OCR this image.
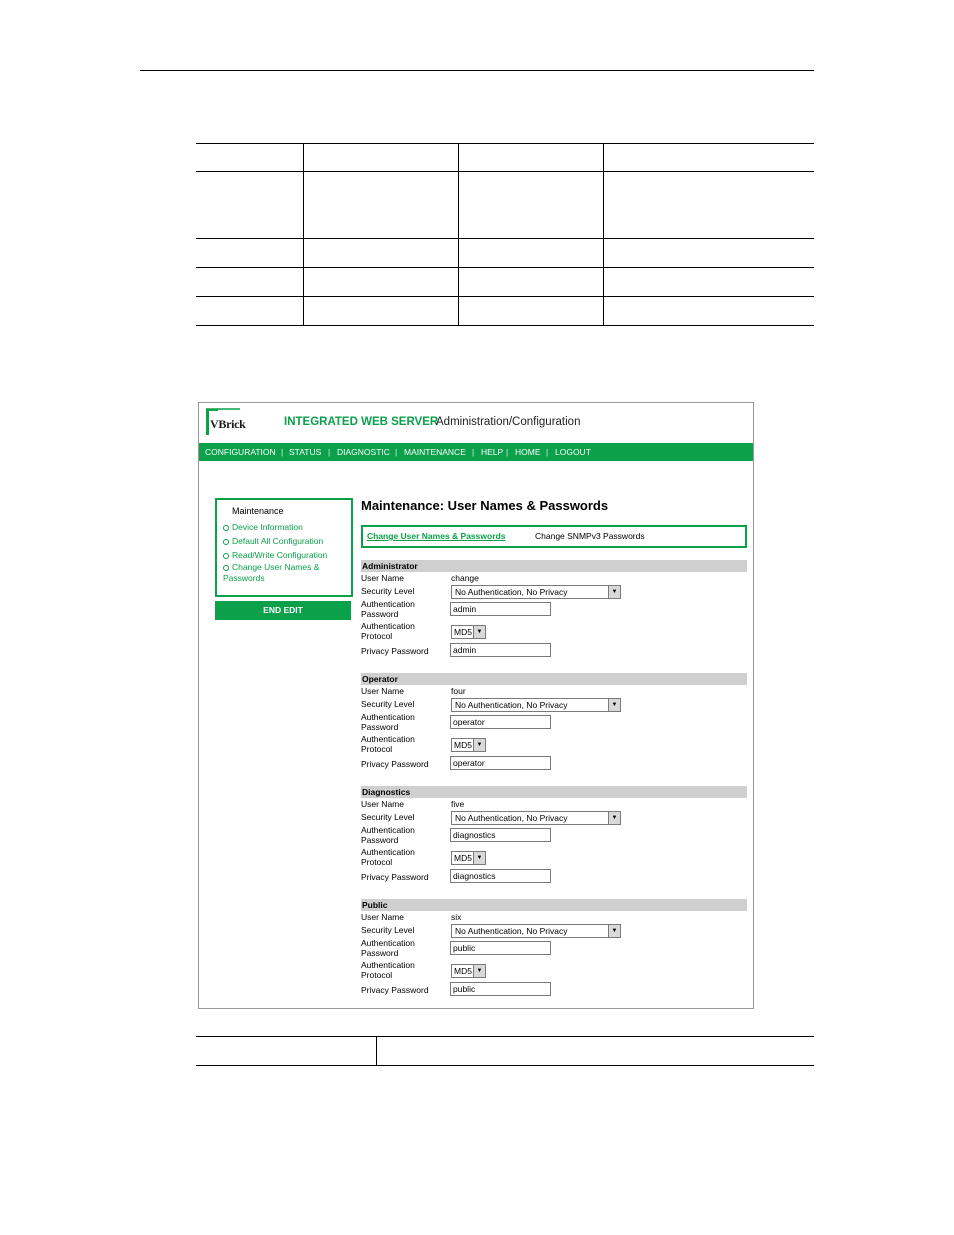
VBrick	INTEGRATED WEB SERVER
Administration/Configuration
CONFIGURATION | STATUS | DIAGNOSTIC | MAINTENANCE | HELP | HOME | LOGOUT
Maintenance
Device Information
Default All Configuration
Read/Write Configuration
Change User Names & Passwords
END EDIT
Maintenance: User Names & Passwords
Change User Names & Passwords	Change SNMPv3 Passwords
Administrator
User Name	change
Security Level	No Authentication, No Privacy	▼
Authentication
Password	admin
Authentication
Protocol	MD5 ▼
Privacy Password	admin
Operator
User Name	four
Security Level	No Authentication, No Privacy	▼
Authentication
Password	operator
Authentication
Protocol	MD5 ▼
Privacy Password	operator
Diagnostics
User Name	five
Security Level	No Authentication, No Privacy	▼
Authentication
Password	diagnostics
Authentication
Protocol	MD5 ▼
Privacy Password	diagnostics
Public
User Name	six
Security Level	No Authentication, No Privacy	▼
Authentication
Password	public
Authentication
Protocol	MD5 ▼
Privacy Password	public
